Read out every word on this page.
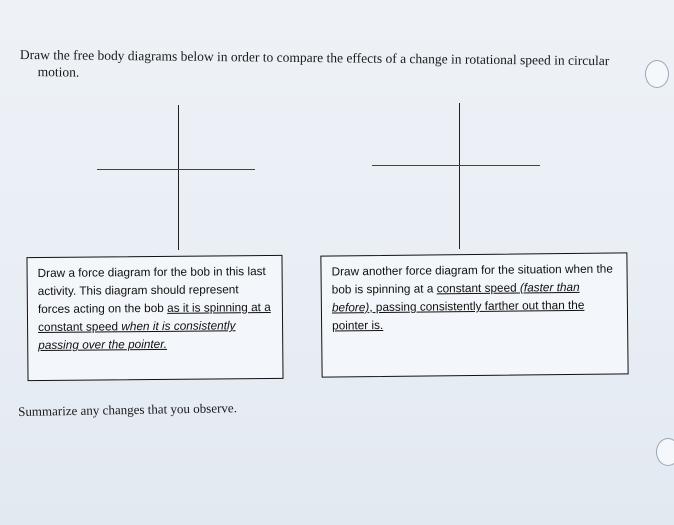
Draw the free body diagrams below in order to compare the effects of a change in rotational speed in circular
motion.
Draw a force diagram for the bob in this last activity. This diagram should represent forces acting on the bob as it is spinning at a constant speed when it is consistently passing over the pointer.
Draw another force diagram for the situation when the bob is spinning at a constant speed (faster than before), passing consistently farther out than the pointer is.
Summarize any changes that you observe.
